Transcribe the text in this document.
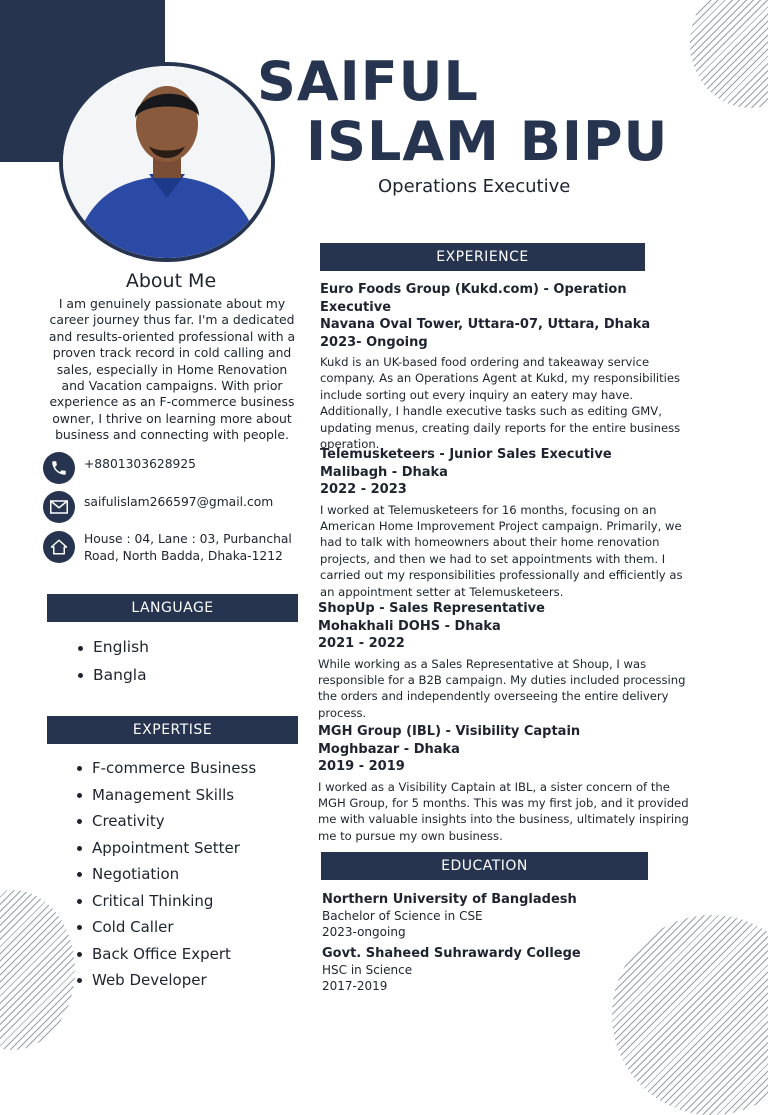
SAIFUL
ISLAM BIPU
Operations Executive
About Me
I am genuinely passionate about my career journey thus far. I'm a dedicated and results-oriented professional with a proven track record in cold calling and sales, especially in Home Renovation and Vacation campaigns. With prior experience as an F-commerce business owner, I thrive on learning more about business and connecting with people.
+8801303628925
saifulislam266597@gmail.com
House : 04, Lane : 03, Purbanchal
Road, North Badda, Dhaka-1212
LANGUAGE
English
Bangla
EXPERTISE
F-commerce Business
Management Skills
Creativity
Appointment Setter
Negotiation
Critical Thinking
Cold Caller
Back Office Expert
Web Developer
EXPERIENCE
Euro Foods Group (Kukd.com) - Operation Executive
Navana Oval Tower, Uttara-07, Uttara, Dhaka
2023- Ongoing
Kukd is an UK-based food ordering and takeaway service company. As an Operations Agent at Kukd, my responsibilities include sorting out every inquiry an eatery may have. Additionally, I handle executive tasks such as editing GMV, updating menus, creating daily reports for the entire business operation.
Telemusketeers - Junior Sales Executive
Malibagh - Dhaka
2022 - 2023
I worked at Telemusketeers for 16 months, focusing on an American Home Improvement Project campaign. Primarily, we had to talk with homeowners about their home renovation projects, and then we had to set appointments with them. I carried out my responsibilities professionally and efficiently as an appointment setter at Telemusketeers.
ShopUp - Sales Representative
Mohakhali DOHS - Dhaka
2021 - 2022
While working as a Sales Representative at Shoup, I was responsible for a B2B campaign. My duties included processing the orders and independently overseeing the entire delivery process.
MGH Group (IBL) - Visibility Captain
Moghbazar - Dhaka
2019 - 2019
I worked as a Visibility Captain at IBL, a sister concern of the MGH Group, for 5 months. This was my first job, and it provided me with valuable insights into the business, ultimately inspiring me to pursue my own business.
EDUCATION
Northern University of Bangladesh
Bachelor of Science in CSE
2023-ongoing
Govt. Shaheed Suhrawardy College
HSC in Science
2017-2019
